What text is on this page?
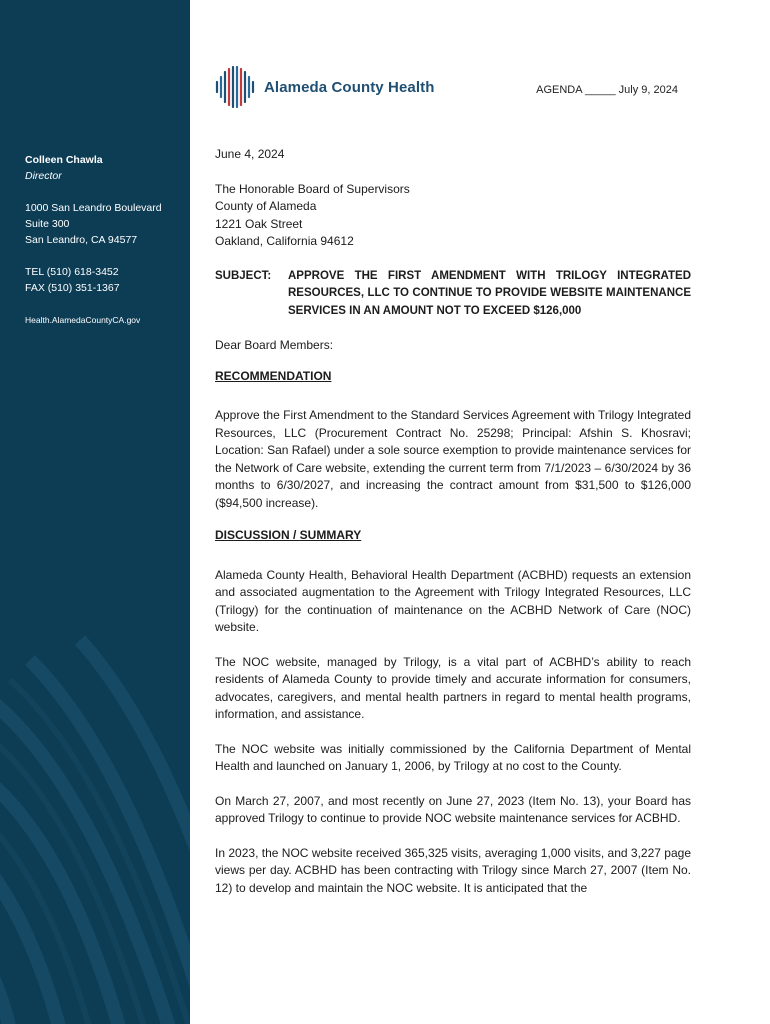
Colleen Chawla
Director
1000 San Leandro Boulevard
Suite 300
San Leandro, CA 94577
TEL (510) 618-3452
FAX (510) 351-1367
Health.AlamedaCountyCA.gov
Alameda County Health	AGENDA _____ July 9, 2024

June 4, 2024

The Honorable Board of Supervisors

County of Alameda

1221 Oak Street

Oakland, California 94612

SUBJECT:	APPROVE THE FIRST AMENDMENT WITH TRILOGY INTEGRATED RESOURCES, LLC TO CONTINUE TO PROVIDE WEBSITE MAINTENANCE SERVICES IN AN AMOUNT NOT TO EXCEED $126,000

Dear Board Members:

RECOMMENDATION

Approve the First Amendment to the Standard Services Agreement with Trilogy Integrated Resources, LLC (Procurement Contract No. 25298; Principal: Afshin S. Khosravi; Location: San Rafael) under a sole source exemption to provide maintenance services for the Network of Care website, extending the current term from 7/1/2023 – 6/30/2024 by 36 months to 6/30/2027, and increasing the contract amount from $31,500 to $126,000 ($94,500 increase).

DISCUSSION / SUMMARY

Alameda County Health, Behavioral Health Department (ACBHD) requests an extension and associated augmentation to the Agreement with Trilogy Integrated Resources, LLC (Trilogy) for the continuation of maintenance on the ACBHD Network of Care (NOC) website.

The NOC website, managed by Trilogy, is a vital part of ACBHD’s ability to reach residents of Alameda County to provide timely and accurate information for consumers, advocates, caregivers, and mental health partners in regard to mental health programs, information, and assistance.

The NOC website was initially commissioned by the California Department of Mental Health and launched on January 1, 2006, by Trilogy at no cost to the County.

On March 27, 2007, and most recently on June 27, 2023 (Item No. 13), your Board has approved Trilogy to continue to provide NOC website maintenance services for ACBHD.

In 2023, the NOC website received 365,325 visits, averaging 1,000 visits, and 3,227 page views per day. ACBHD has been contracting with Trilogy since March 27, 2007 (Item No. 12) to develop and maintain the NOC website. It is anticipated that the
